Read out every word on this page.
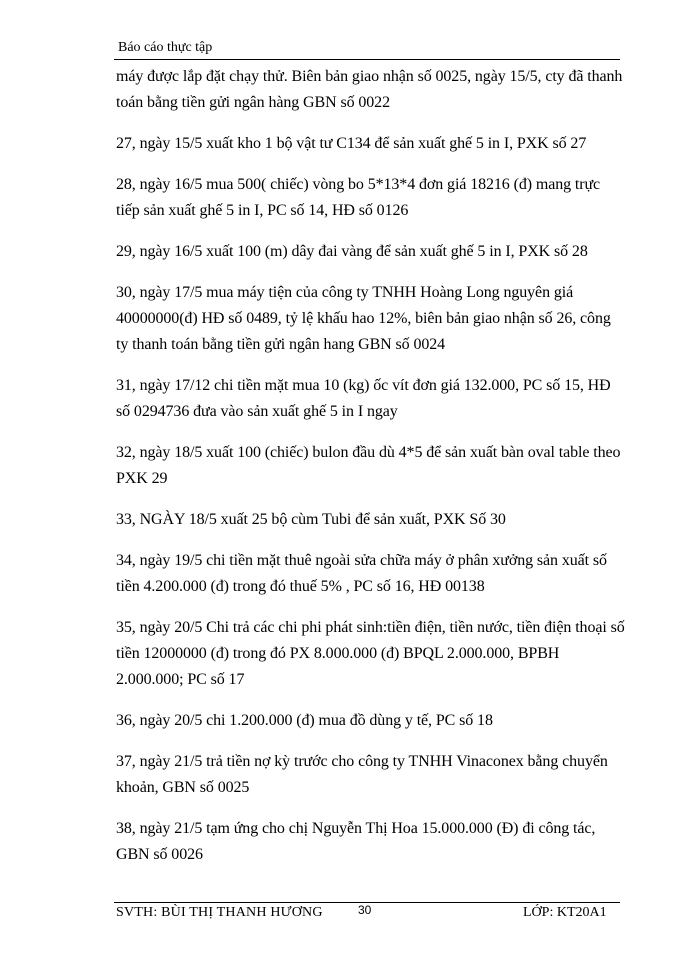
Báo cáo thực tập

máy được lắp đặt chạy thử. Biên bản giao nhận số 0025, ngày 15/5, cty đã thanh toán bằng tiền gửi ngân hàng GBN số 0022

27, ngày 15/5 xuất kho 1 bộ vật tư C134 để sản xuất ghế 5 in I, PXK số 27

28, ngày 16/5 mua 500( chiếc) vòng bo 5*13*4 đơn giá 18216 (đ) mang trực tiếp sản xuất ghế 5 in I, PC số 14, HĐ số 0126

29, ngày 16/5 xuất 100 (m) dây đai vàng để sản xuất ghế 5 in I, PXK số 28

30, ngày 17/5 mua máy tiện của công ty TNHH Hoàng Long nguyên giá 40000000(đ) HĐ số 0489, tỷ lệ khấu hao 12%, biên bản giao nhận số 26, công ty thanh toán bằng tiền gửi ngân hang GBN số 0024

31, ngày 17/12 chi tiền mặt mua 10 (kg) ốc vít đơn giá 132.000, PC số 15, HĐ số 0294736 đưa vào sản xuất ghế 5 in I ngay

32, ngày 18/5 xuất 100 (chiếc) bulon đầu dù 4*5 để sản xuất bàn oval table theo PXK 29

33, NGÀY 18/5 xuất 25 bộ cùm Tubi để sản xuất, PXK Số 30

34, ngày 19/5 chi tiền mặt thuê ngoài sửa chữa máy ở phân xưởng sản xuất số tiền 4.200.000 (đ) trong đó thuế 5% , PC số 16, HĐ 00138

35, ngày 20/5 Chi trả các chi phi phát sinh:tiền điện, tiền nước, tiền điện thoại số tiền 12000000 (đ) trong đó PX 8.000.000 (đ) BPQL 2.000.000, BPBH 2.000.000; PC số 17

36, ngày 20/5 chi 1.200.000 (đ) mua đồ dùng y tế, PC số 18

37, ngày 21/5 trả tiền nợ kỳ trước cho công ty TNHH Vinaconex bằng chuyển khoản, GBN số 0025

38, ngày 21/5 tạm ứng cho chị Nguyễn Thị Hoa 15.000.000 (Đ) đi công tác, GBN số 0026

SVTH: BÙI THỊ THANH HƯƠNG	30	LỚP: KT20A1
